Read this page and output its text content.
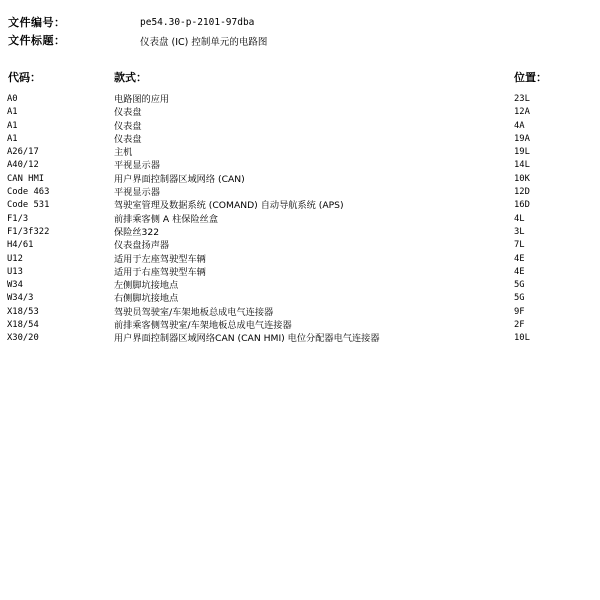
文件编号：	pe54.30-p-2101-97dba
文件标题：	仪表盘 (IC) 控制单元的电路图
代码：	款式：	位置：
A0	电路图的应用	23L
A1	仪表盘	12A
A1	仪表盘	4A
A1	仪表盘	19A
A26/17	主机	19L
A40/12	平视显示器	14L
CAN HMI	用户界面控制器区域网络 (CAN)	10K
Code 463	平视显示器	12D
Code 531	驾驶室管理及数据系统 (COMAND) 自动导航系统 (APS)	16D
F1/3	前排乘客侧 A 柱保险丝盒	4L
F1/3f322	保险丝322	3L
H4/61	仪表盘扬声器	7L
U12	适用于左座驾驶型车辆	4E
U13	适用于右座驾驶型车辆	4E
W34	左侧脚坑接地点	5G
W34/3	右侧脚坑接地点	5G
X18/53	驾驶员驾驶室/车架地板总成电气连接器	9F
X18/54	前排乘客侧驾驶室/车架地板总成电气连接器	2F
X30/20	用户界面控制器区域网络CAN (CAN HMI) 电位分配器电气连接器	10L
